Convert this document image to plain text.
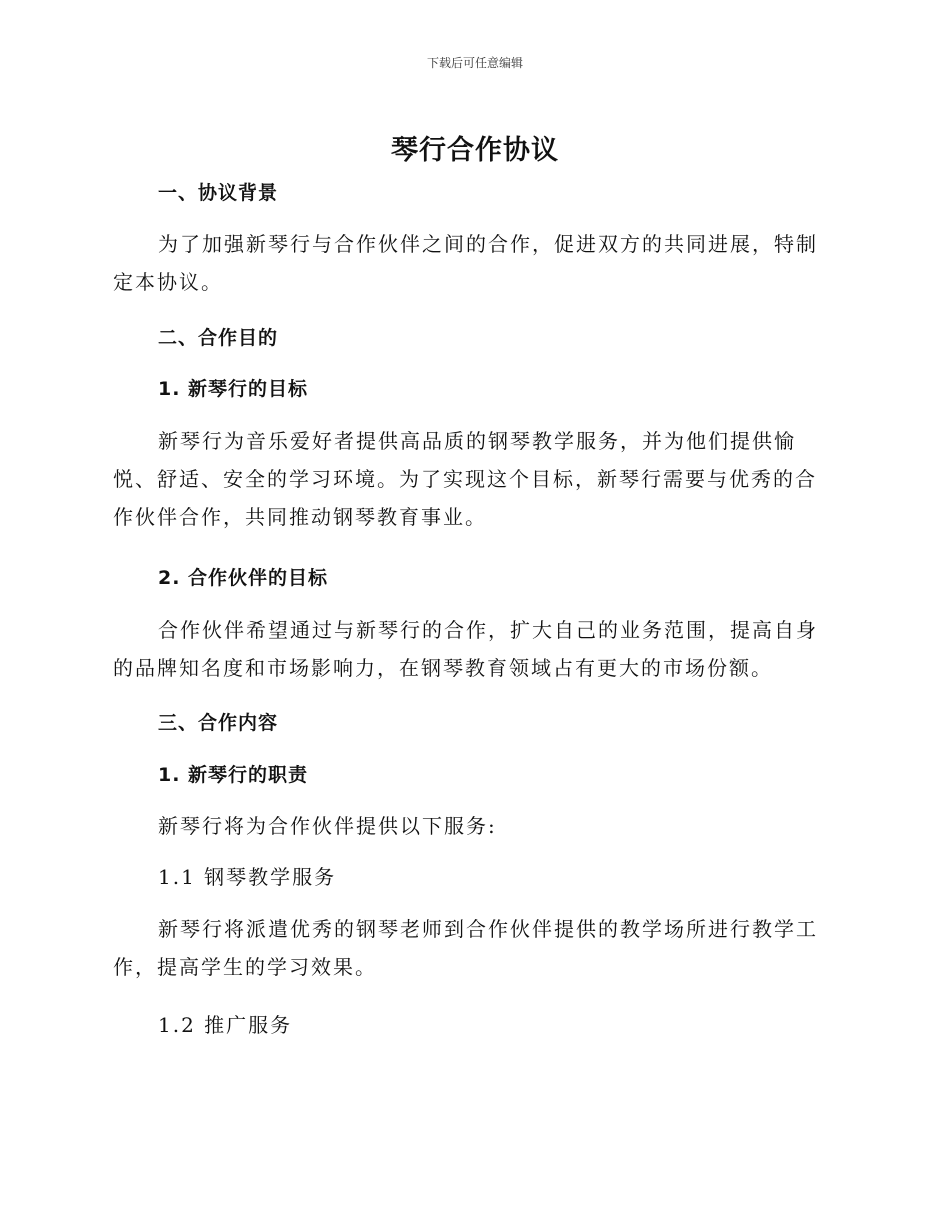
下载后可任意编辑
琴行合作协议

一、协议背景

为了加强新琴行与合作伙伴之间的合作，促进双方的共同进展，特制定本协议。

二、合作目的

1. 新琴行的目标

新琴行为音乐爱好者提供高品质的钢琴教学服务，并为他们提供愉悦、舒适、安全的学习环境。为了实现这个目标，新琴行需要与优秀的合作伙伴合作，共同推动钢琴教育事业。

2. 合作伙伴的目标

合作伙伴希望通过与新琴行的合作，扩大自己的业务范围，提高自身的品牌知名度和市场影响力，在钢琴教育领域占有更大的市场份额。

三、合作内容

1. 新琴行的职责

新琴行将为合作伙伴提供以下服务:

1.1 钢琴教学服务

新琴行将派遣优秀的钢琴老师到合作伙伴提供的教学场所进行教学工作，提高学生的学习效果。

1.2 推广服务
